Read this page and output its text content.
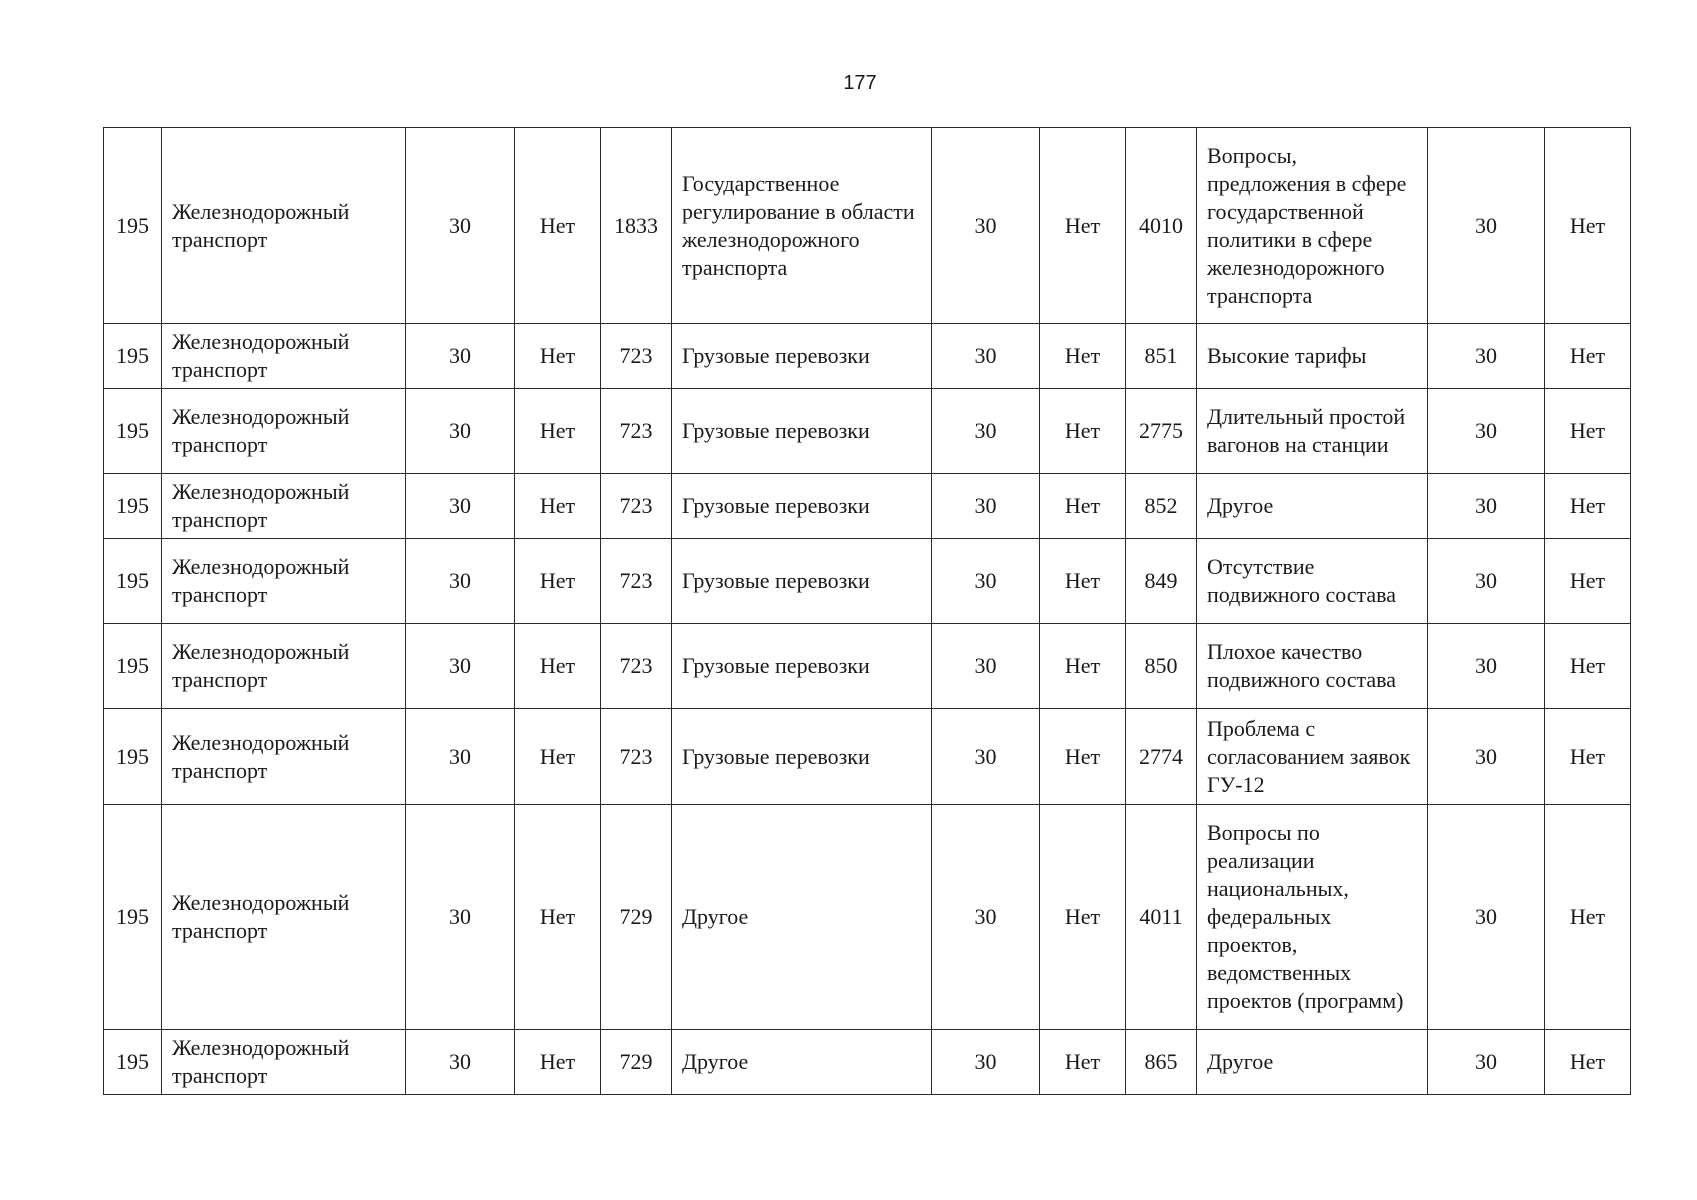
177
195	Железнодорожный транспорт	30	Нет	1833	Государственное регулирование в области железнодорожного транспорта	30	Нет	4010	Вопросы, предложения в сфере государственной политики в сфере железнодорожного транспорта	30	Нет
195	Железнодорожный транспорт	30	Нет	723	Грузовые перевозки	30	Нет	851	Высокие тарифы	30	Нет
195	Железнодорожный транспорт	30	Нет	723	Грузовые перевозки	30	Нет	2775	Длительный простой вагонов на станции	30	Нет
195	Железнодорожный транспорт	30	Нет	723	Грузовые перевозки	30	Нет	852	Другое	30	Нет
195	Железнодорожный транспорт	30	Нет	723	Грузовые перевозки	30	Нет	849	Отсутствие подвижного состава	30	Нет
195	Железнодорожный транспорт	30	Нет	723	Грузовые перевозки	30	Нет	850	Плохое качество подвижного состава	30	Нет
195	Железнодорожный транспорт	30	Нет	723	Грузовые перевозки	30	Нет	2774	Проблема с согласованием заявок ГУ-12	30	Нет
195	Железнодорожный транспорт	30	Нет	729	Другое	30	Нет	4011	Вопросы по реализации национальных, федеральных проектов, ведомственных проектов (программ)	30	Нет
195	Железнодорожный транспорт	30	Нет	729	Другое	30	Нет	865	Другое	30	Нет
